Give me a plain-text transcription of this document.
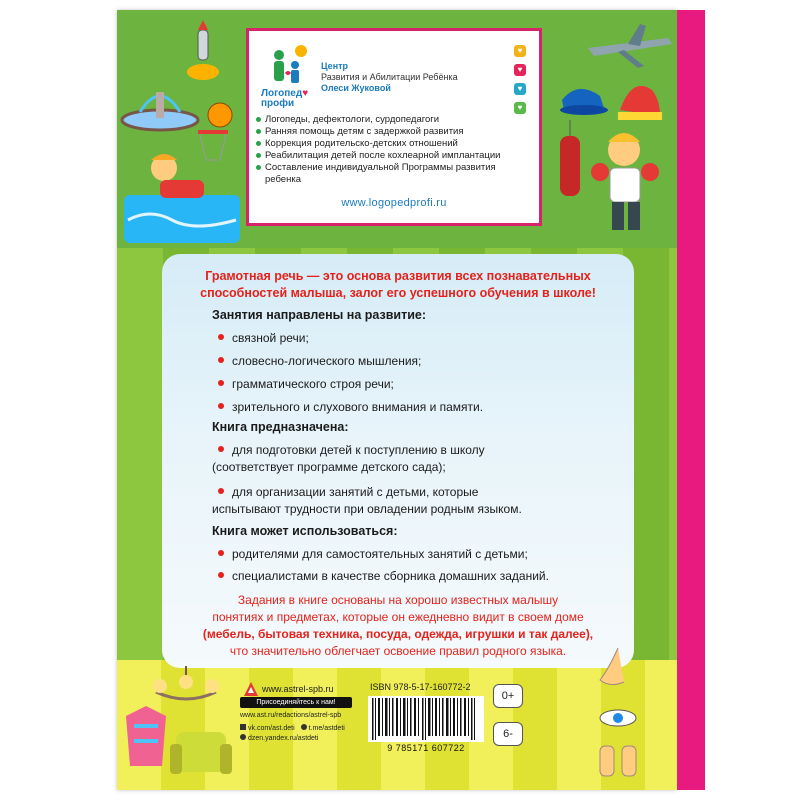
Логопед♥
профи
Центр
Развития и Абилитации Ребёнка
Олеси Жуковой
♥
♥
♥
♥
Логопеды, дефектологи, сурдопедагоги
Ранняя помощь детям с задержкой развития
Коррекция родительско-детских отношений
Реабилитация детей после кохлеарной имплантации
Составление индивидуальной Программы развития ребенка
www.logopedprofi.ru
Грамотная речь — это основа развития всех познавательных
способностей малыша, залог его успешного обучения в школе!
Занятия направлены на развитие:
связной речи;
словесно-логического мышления;
грамматического строя речи;
зрительного и слухового внимания и памяти.
Книга предназначена:
для подготовки детей к поступлению в школу
(соответствует программе детского сада);
для организации занятий с детьми, которые
испытывают трудности при овладении родным языком.
Книга может использоваться:
родителями для самостоятельных занятий с детьми;
специалистами в качестве сборника домашних заданий.
Задания в книге основаны на хорошо известных малышу
понятиях и предметах, которые он ежедневно видит в своем доме
(мебель, бытовая техника, посуда, одежда, игрушки и так далее),
что значительно облегчает освоение правил родного языка.
www.astrel-spb.ru
Присоединяйтесь к нам!
www.ast.ru/redactions/astrel-spb
vk.com/ast.deti t.me/astdeti
dzen.yandex.ru/astdeti
ISBN 978-5-17-160772-2
9 785171 607722
0+
6-
